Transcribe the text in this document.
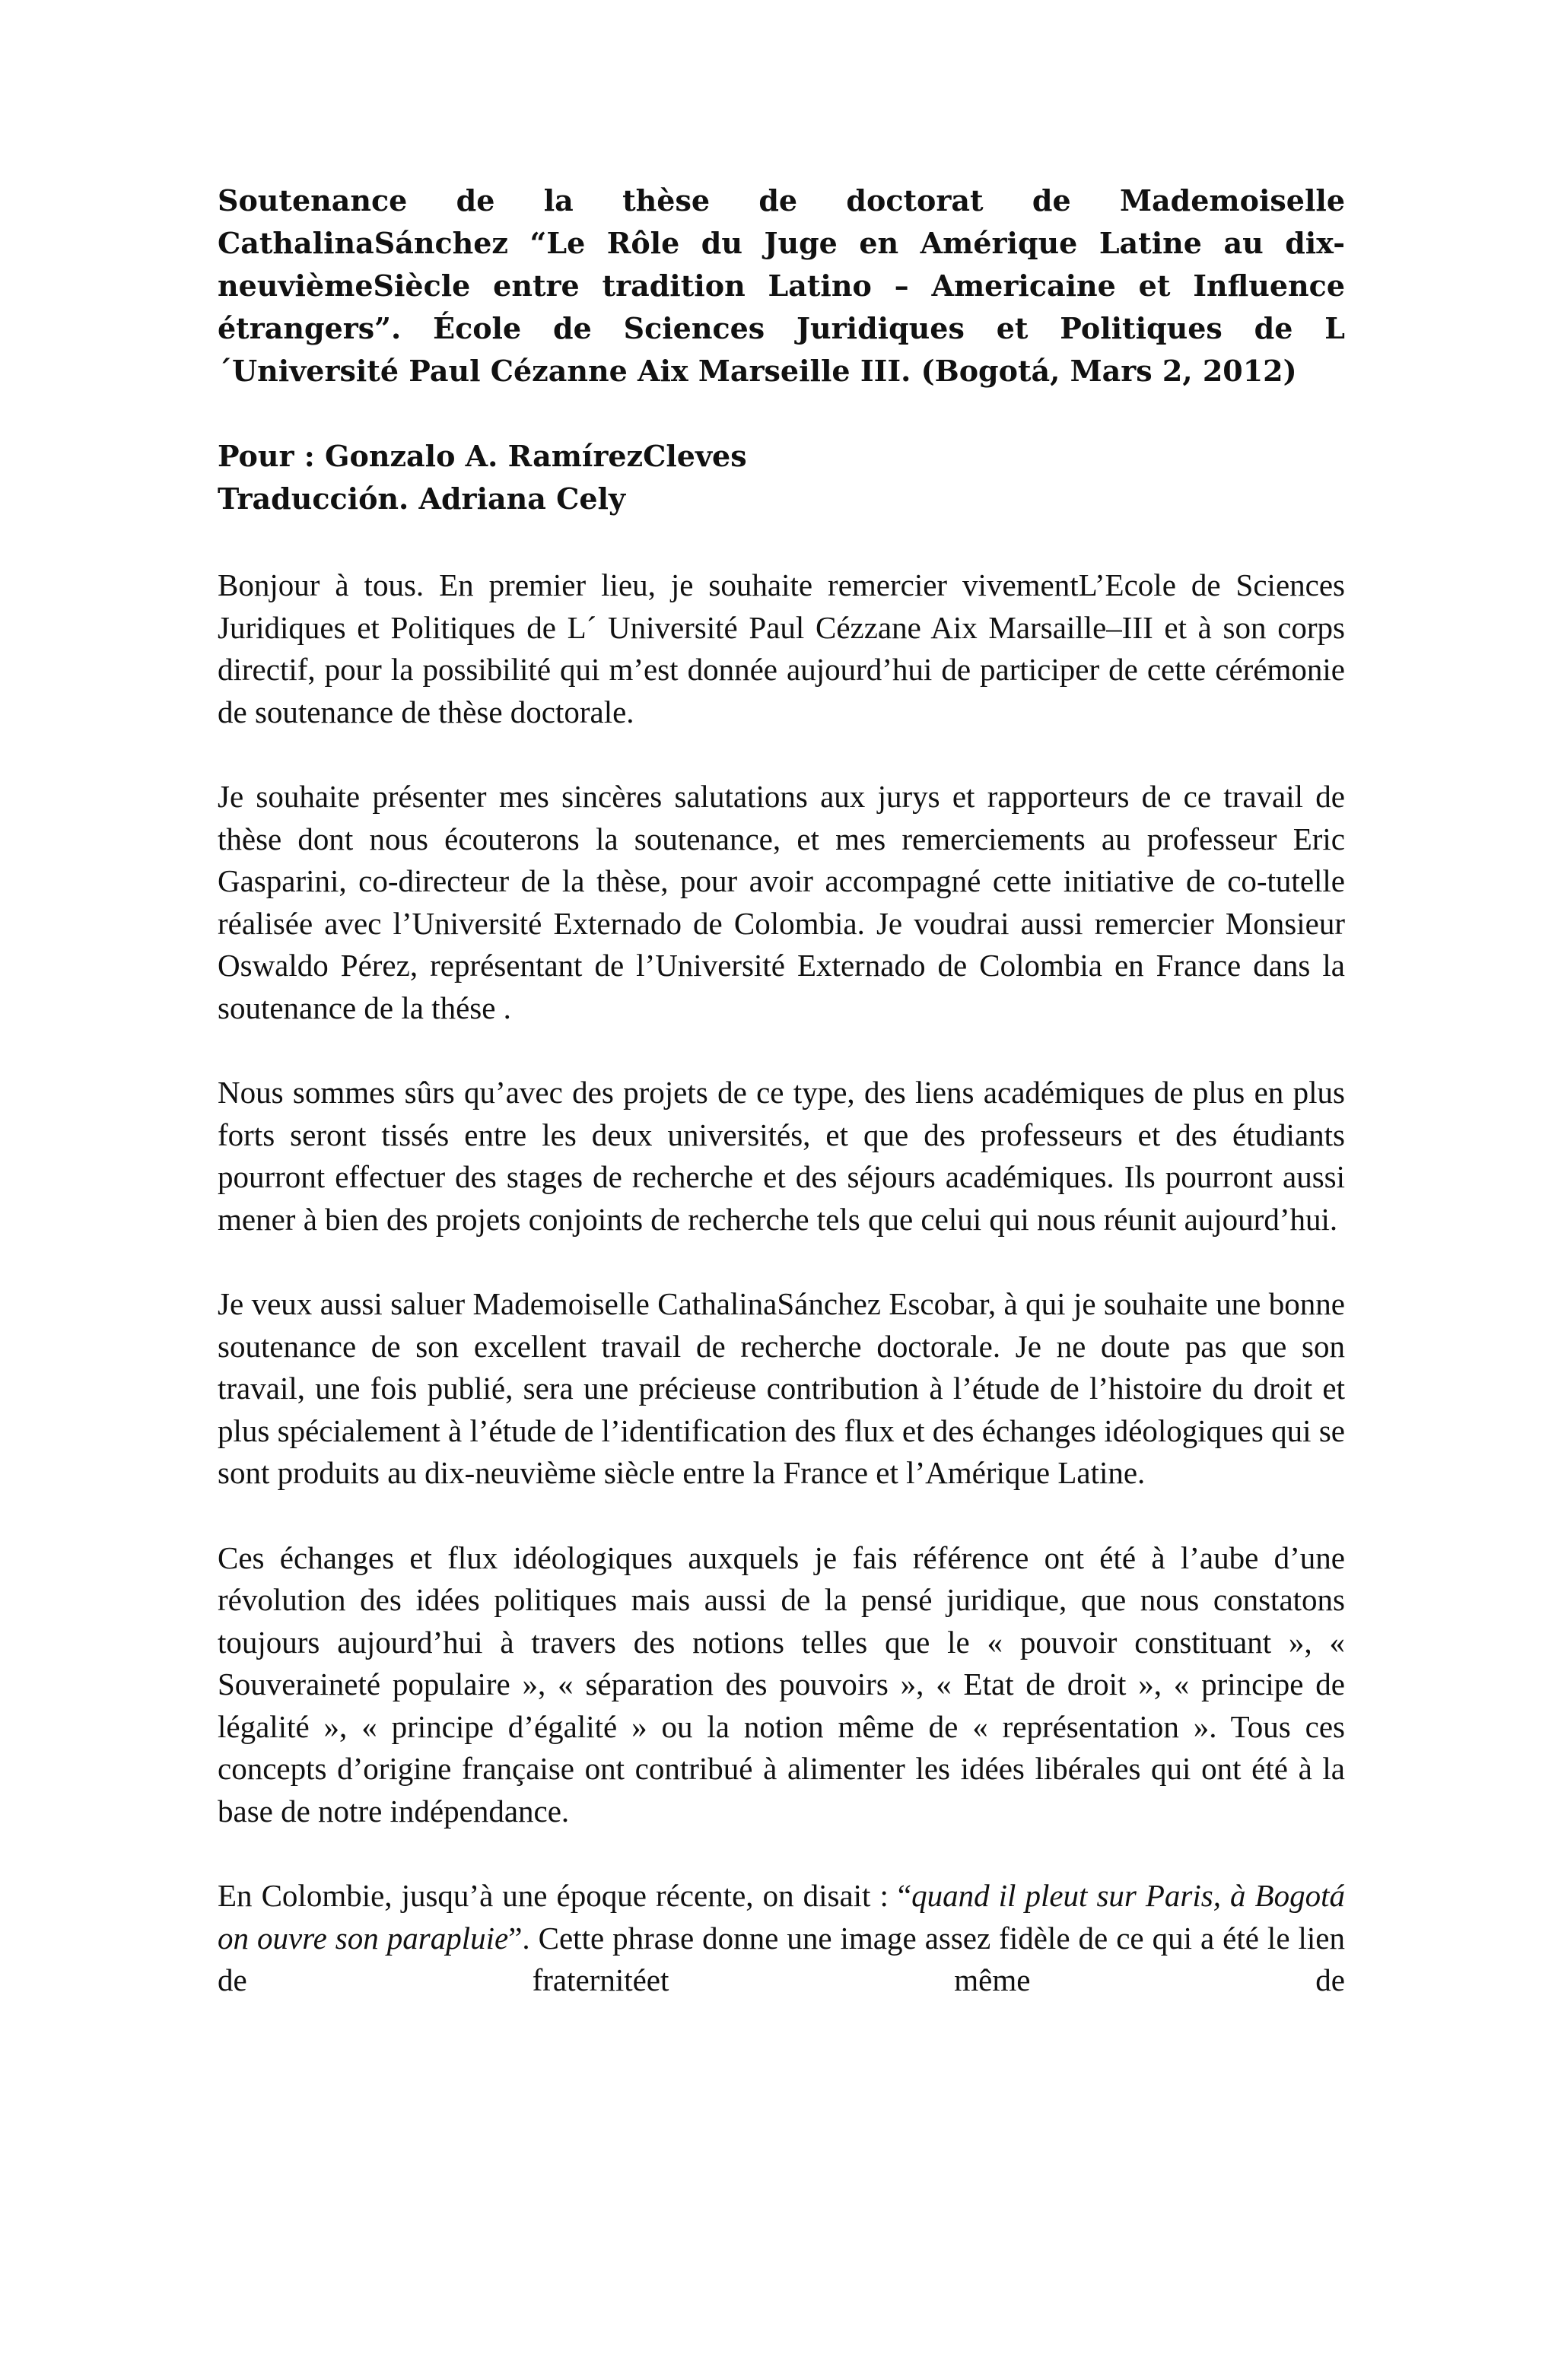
Soutenance de la thèse de doctorat de Mademoiselle CathalinaSánchez “Le Rôle du Juge en Amérique Latine au dix-neuvièmeSiècle entre tradition Latino – Americaine et Influence étrangers”. École de Sciences Juridiques et Politiques de L´Université Paul Cézanne Aix Marseille III. (Bogotá, Mars 2, 2012)

Pour : Gonzalo A. RamírezCleves
Traducción. Adriana Cely

Bonjour à tous. En premier lieu, je souhaite remercier vivementL’Ecole de Sciences Juridiques et Politiques de L´ Université Paul Cézzane Aix Marsaille–III et à son corps directif, pour la possibilité qui m’est donnée aujourd’hui de participer de cette cérémonie de soutenance de thèse doctorale.

Je souhaite présenter mes sincères salutations aux jurys et rapporteurs de ce travail de thèse dont nous écouterons la soutenance, et mes remerciements au professeur Eric Gasparini, co-directeur de la thèse, pour avoir accompagné cette initiative de co-tutelle réalisée avec l’Université Externado de Colombia. Je voudrai aussi remercier Monsieur Oswaldo Pérez, représentant de l’Université Externado de Colombia en France dans la soutenance de la thése .

Nous sommes sûrs qu’avec des projets de ce type, des liens académiques de plus en plus forts seront tissés entre les deux universités, et que des professeurs et des étudiants pourront effectuer des stages de recherche et des séjours académiques. Ils pourront aussi mener à bien des projets conjoints de recherche tels que celui qui nous réunit aujourd’hui.

Je veux aussi saluer Mademoiselle CathalinaSánchez Escobar, à qui je souhaite une bonne soutenance de son excellent travail de recherche doctorale. Je ne doute pas que son travail, une fois publié, sera une précieuse contribution à l’étude de l’histoire du droit et plus spécialement à l’étude de l’identification des flux et des échanges idéologiques qui se sont produits au dix-neuvième siècle entre la France et l’Amérique Latine.

Ces échanges et flux idéologiques auxquels je fais référence ont été à l’aube d’une révolution des idées politiques mais aussi de la pensé juridique, que nous constatons toujours aujourd’hui à travers des notions telles que le « pouvoir constituant », « Souveraineté populaire », « séparation des pouvoirs », « Etat de droit », « principe de légalité », « principe d’égalité » ou la notion même de « représentation ». Tous ces concepts d’origine française ont contribué à alimenter les idées libérales qui ont été à la base de notre indépendance.

En Colombie, jusqu’à une époque récente, on disait : “quand il pleut sur Paris, à Bogotá on ouvre son parapluie”. Cette phrase donne une image assez fidèle de ce qui a été le lien de fraternitéet même de
